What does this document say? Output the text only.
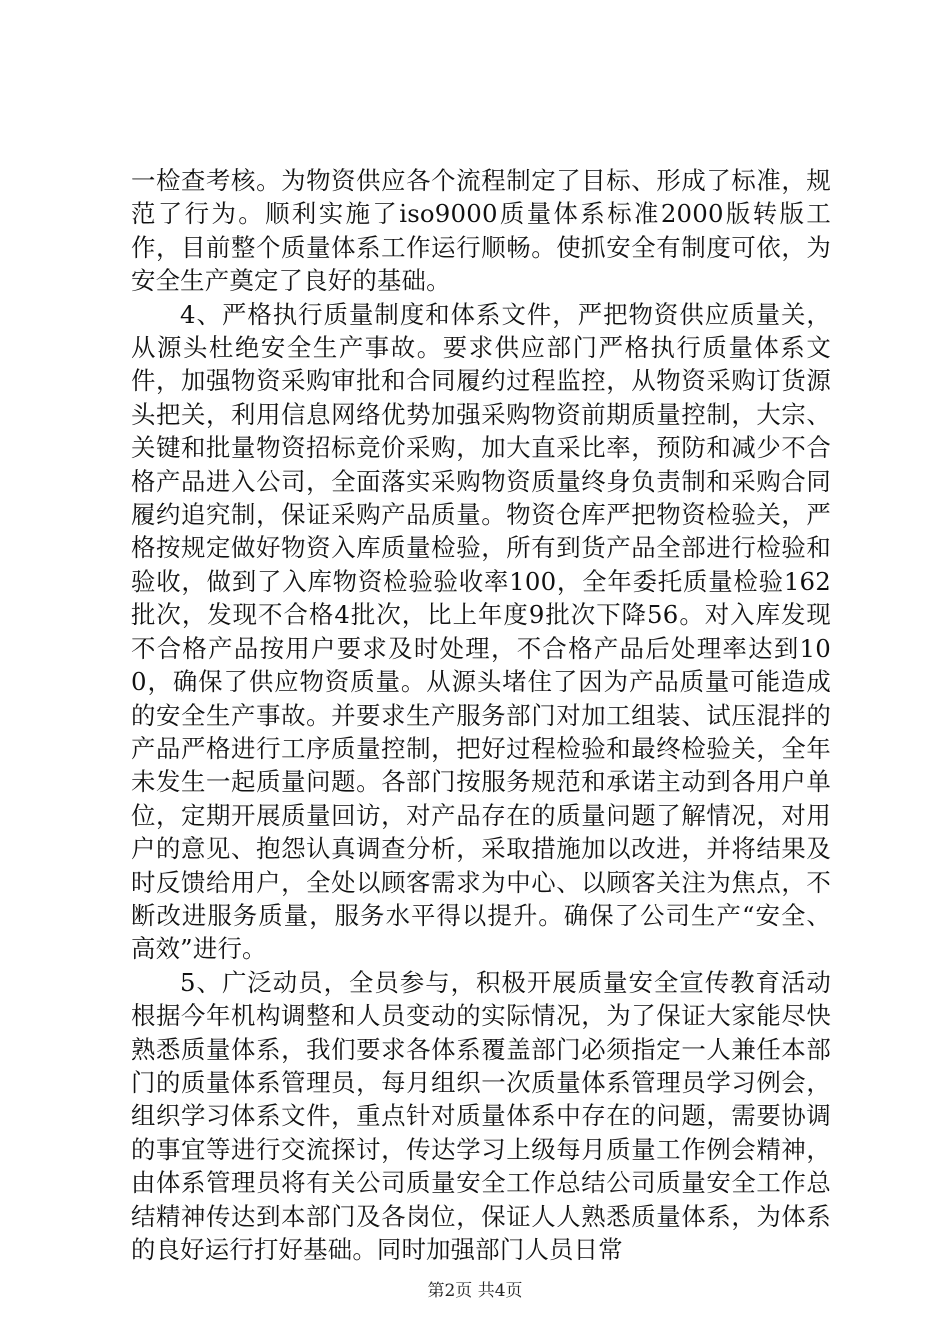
一检查考核。为物资供应各个流程制定了目标、形成了标准，规范了行为。顺利实施了iso9000质量体系标准2000版转版工作，目前整个质量体系工作运行顺畅。使抓安全有制度可依，为安全生产奠定了良好的基础。

4、严格执行质量制度和体系文件，严把物资供应质量关，从源头杜绝安全生产事故。要求供应部门严格执行质量体系文件，加强物资采购审批和合同履约过程监控，从物资采购订货源头把关，利用信息网络优势加强采购物资前期质量控制，大宗、关键和批量物资招标竞价采购，加大直采比率，预防和减少不合格产品进入公司，全面落实采购物资质量终身负责制和采购合同履约追究制，保证采购产品质量。物资仓库严把物资检验关，严格按规定做好物资入库质量检验，所有到货产品全部进行检验和验收，做到了入库物资检验验收率100，全年委托质量检验162批次，发现不合格4批次，比上年度9批次下降56。对入库发现不合格产品按用户要求及时处理，不合格产品后处理率达到100，确保了供应物资质量。从源头堵住了因为产品质量可能造成的安全生产事故。并要求生产服务部门对加工组装、试压混拌的产品严格进行工序质量控制，把好过程检验和最终检验关，全年未发生一起质量问题。各部门按服务规范和承诺主动到各用户单位，定期开展质量回访，对产品存在的质量问题了解情况，对用户的意见、抱怨认真调查分析，采取措施加以改进，并将结果及时反馈给用户，全处以顾客需求为中心、以顾客关注为焦点，不断改进服务质量，服务水平得以提升。确保了公司生产“安全、高效”进行。

5、广泛动员，全员参与，积极开展质量安全宣传教育活动根据今年机构调整和人员变动的实际情况，为了保证大家能尽快熟悉质量体系，我们要求各体系覆盖部门必须指定一人兼任本部门的质量体系管理员，每月组织一次质量体系管理员学习例会，组织学习体系文件，重点针对质量体系中存在的问题，需要协调的事宜等进行交流探讨，传达学习上级每月质量工作例会精神，由体系管理员将有关公司质量安全工作总结公司质量安全工作总结精神传达到本部门及各岗位，保证人人熟悉质量体系，为体系的良好运行打好基础。同时加强部门人员日常

第2页 共4页
